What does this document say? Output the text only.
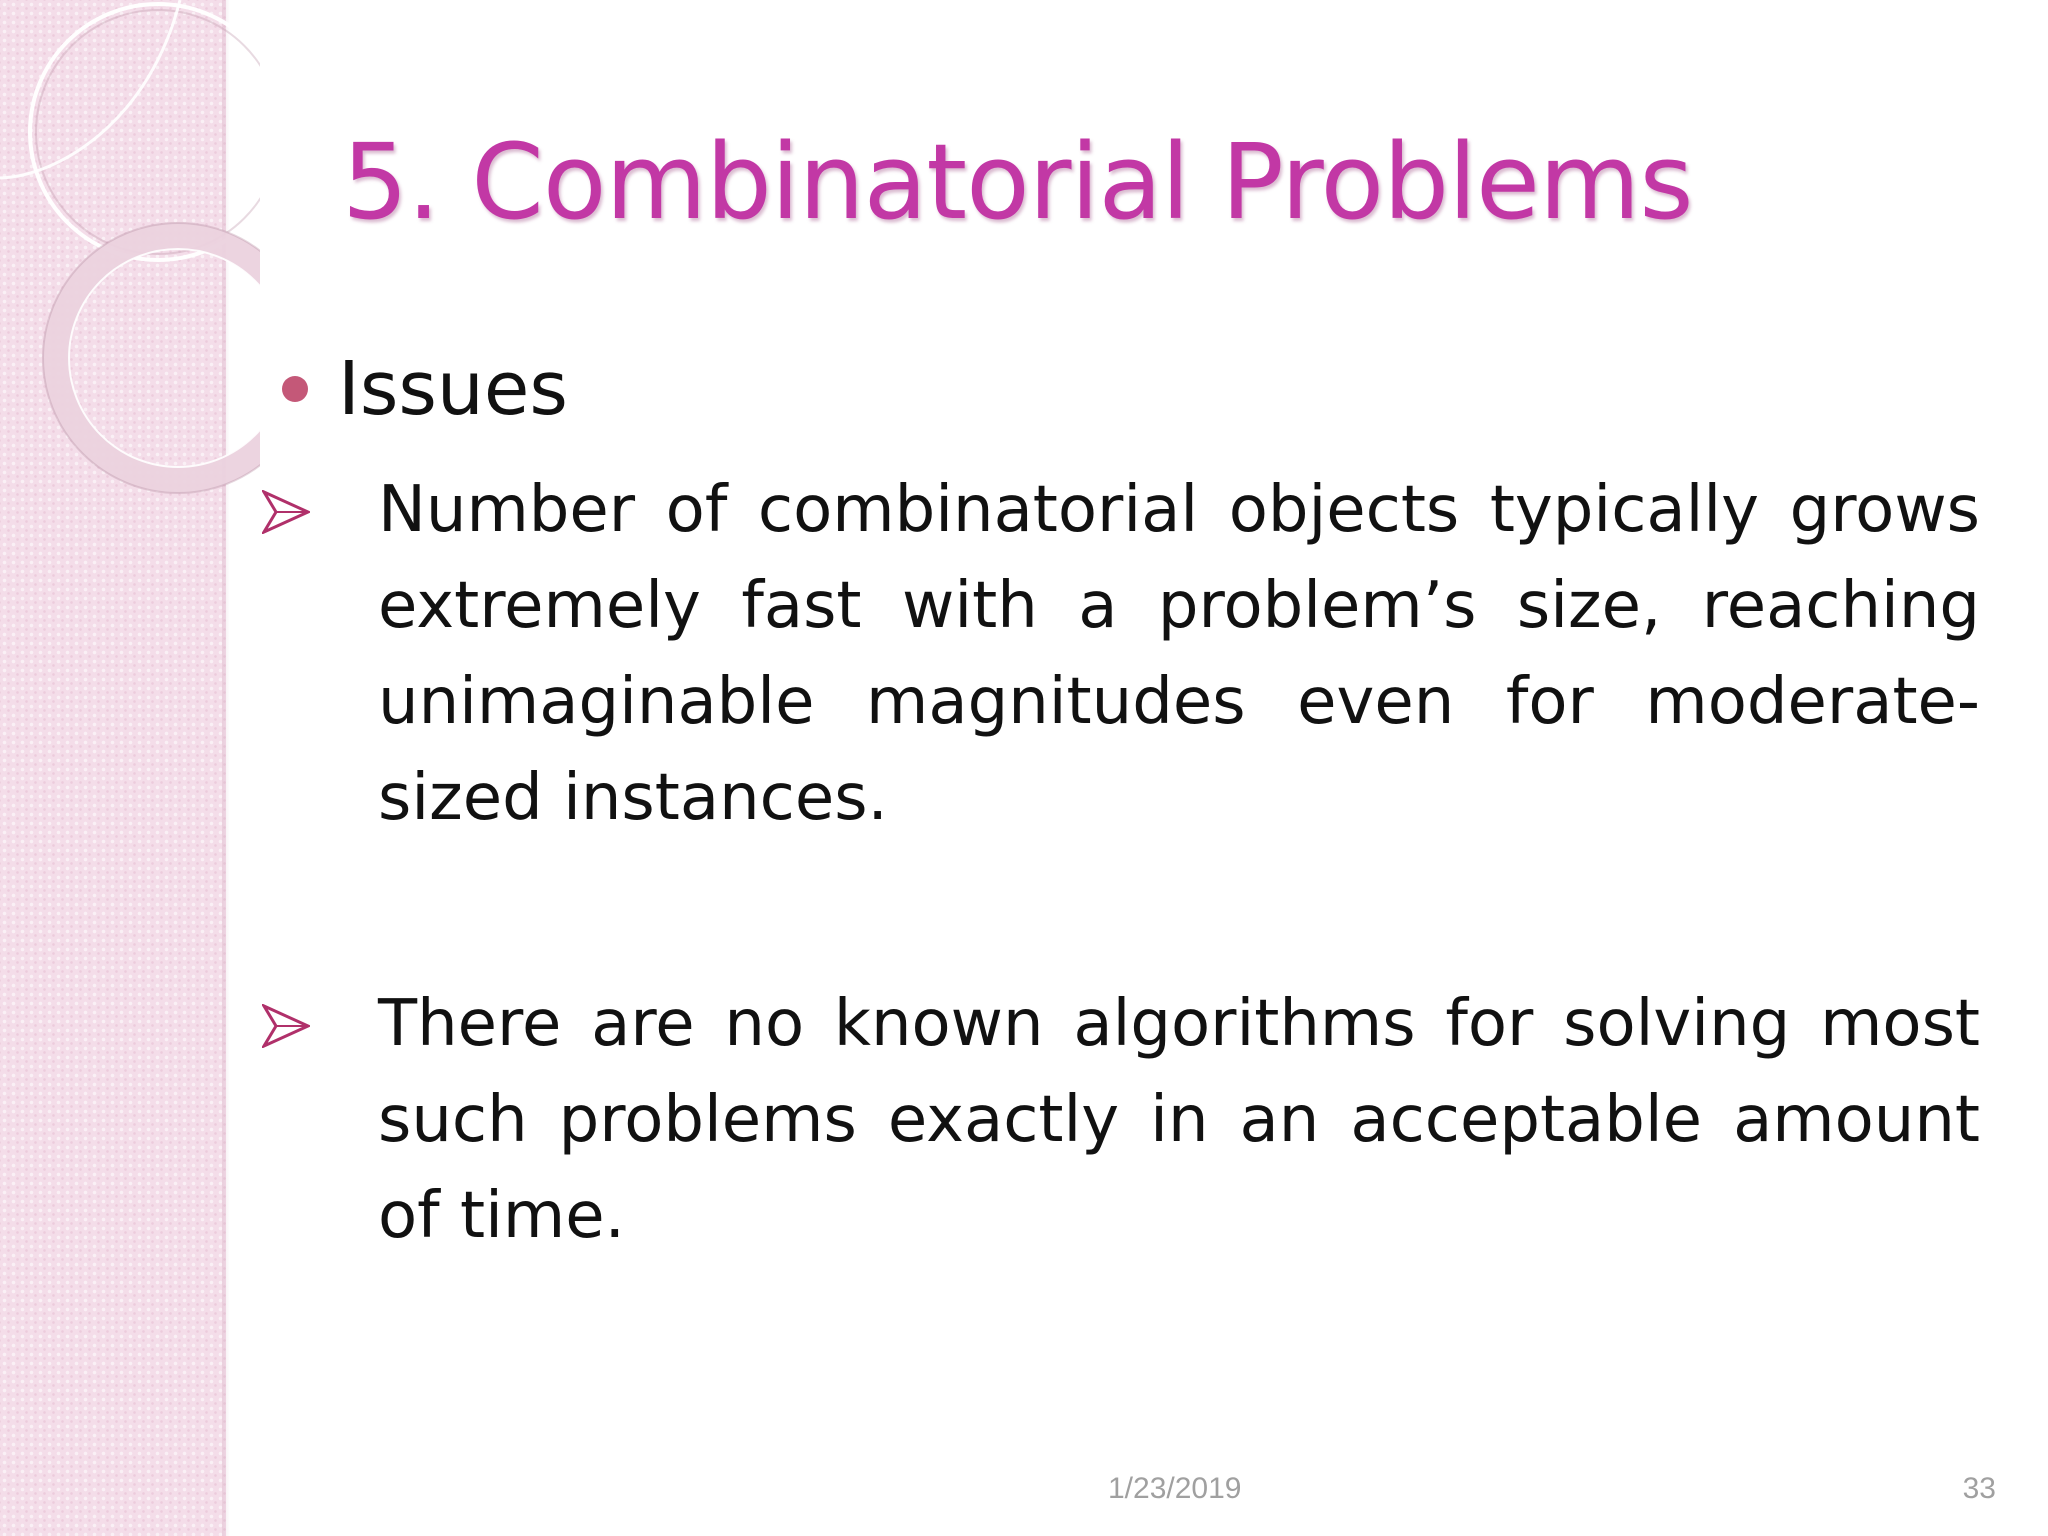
5. Combinatorial Problems
Issues

Number of combinatorial objects typically grows extremely fast with a problem’s size, reaching unimaginable magnitudes even for moderate-sized instances.

There are no known algorithms for solving most such problems exactly in an acceptable amount of time.

1/23/2019	33
